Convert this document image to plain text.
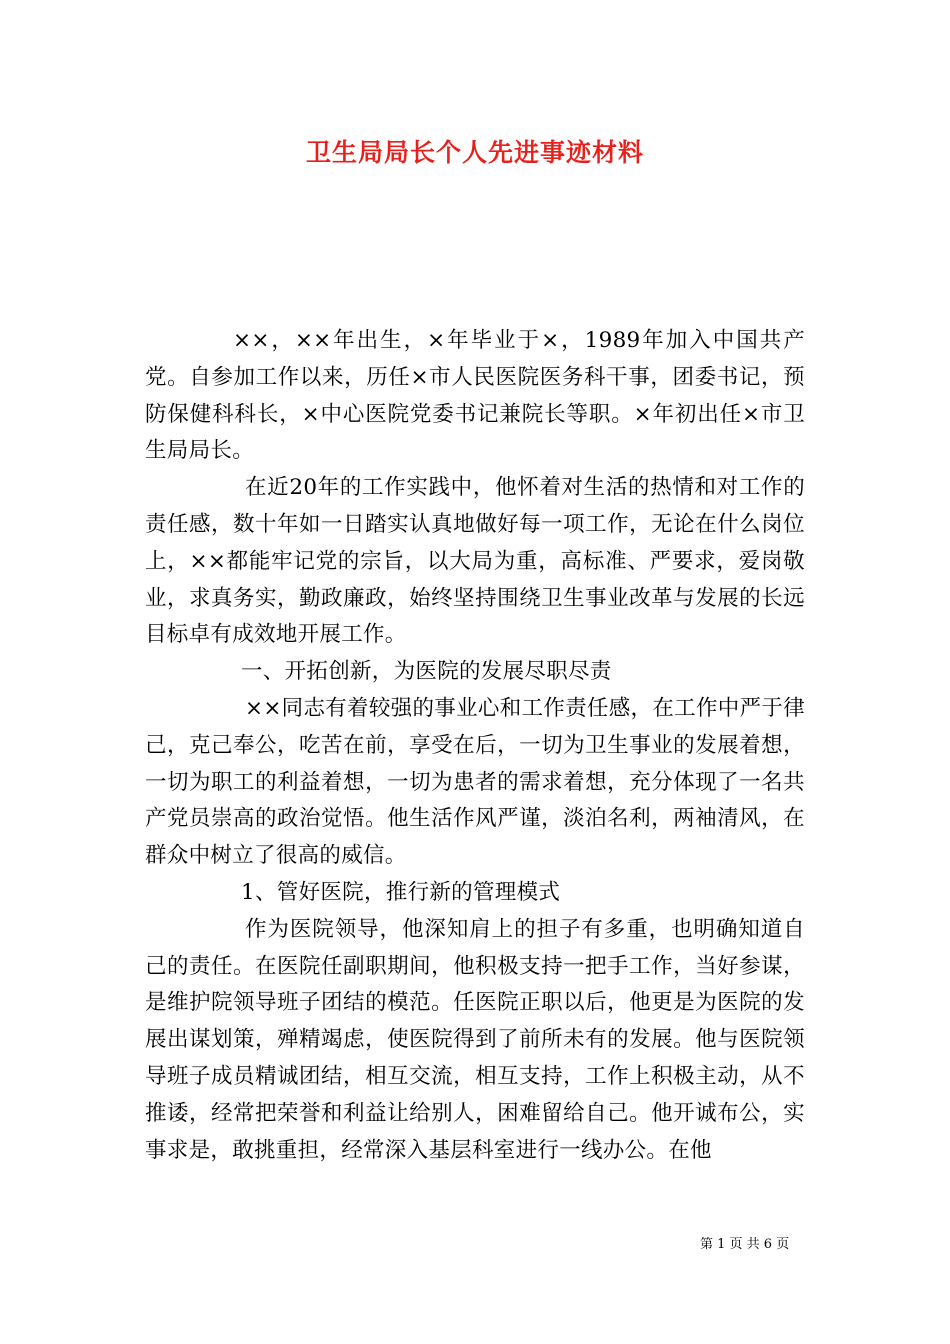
卫生局局长个人先进事迹材料

××，××年出生，×年毕业于×，1989年加入中国共产党。自参加工作以来，历任×市人民医院医务科干事，团委书记，预防保健科科长，×中心医院党委书记兼院长等职。×年初出任×市卫生局局长。

在近20年的工作实践中，他怀着对生活的热情和对工作的责任感，数十年如一日踏实认真地做好每一项工作，无论在什么岗位上，××都能牢记党的宗旨，以大局为重，高标准、严要求，爱岗敬业，求真务实，勤政廉政，始终坚持围绕卫生事业改革与发展的长远目标卓有成效地开展工作。

一、开拓创新，为医院的发展尽职尽责

××同志有着较强的事业心和工作责任感，在工作中严于律己，克己奉公，吃苦在前，享受在后，一切为卫生事业的发展着想，一切为职工的利益着想，一切为患者的需求着想，充分体现了一名共产党员崇高的政治觉悟。他生活作风严谨，淡泊名利，两袖清风，在群众中树立了很高的威信。

1、管好医院，推行新的管理模式

作为医院领导，他深知肩上的担子有多重，也明确知道自己的责任。在医院任副职期间，他积极支持一把手工作，当好参谋，是维护院领导班子团结的模范。任医院正职以后，他更是为医院的发展出谋划策，殚精竭虑，使医院得到了前所未有的发展。他与医院领导班子成员精诚团结，相互交流，相互支持，工作上积极主动，从不推诿，经常把荣誉和利益让给别人，困难留给自己。他开诚布公，实事求是，敢挑重担，经常深入基层科室进行一线办公。在他

第 1 页 共 6 页
